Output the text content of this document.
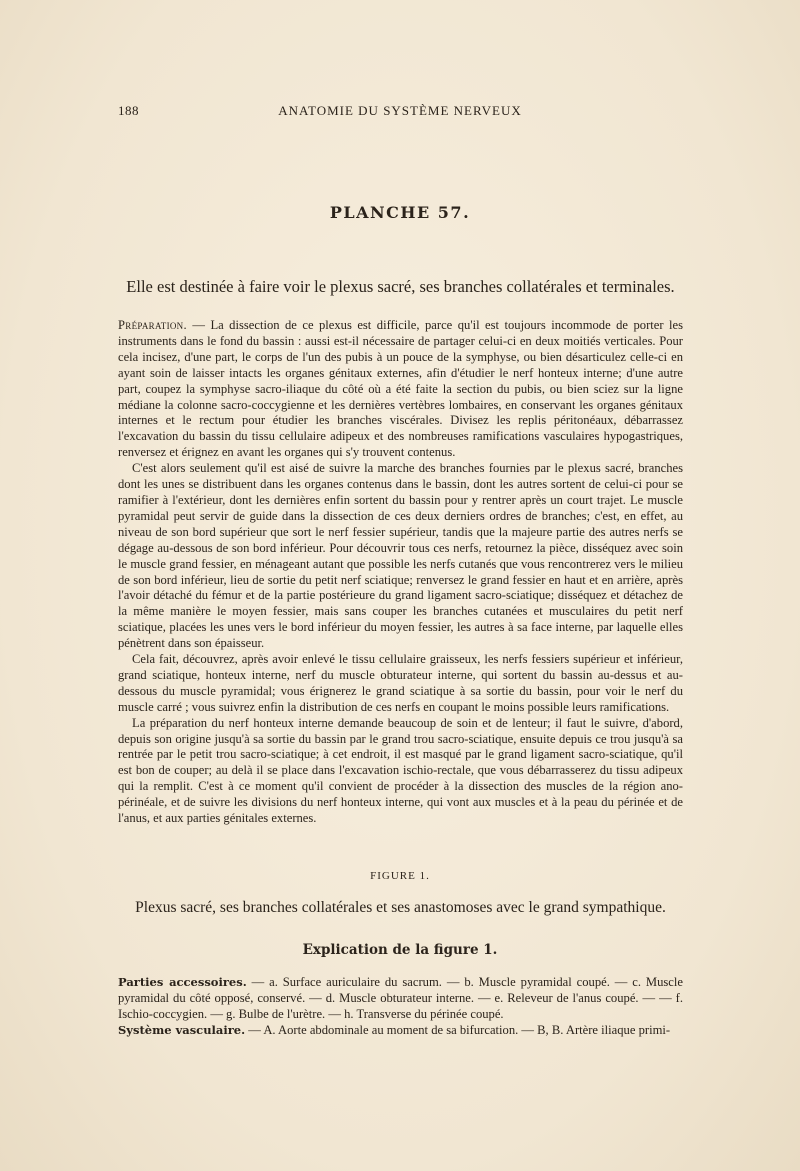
188	ANATOMIE DU SYSTÈME NERVEUX
PLANCHE 57.
Elle est destinée à faire voir le plexus sacré, ses branches collatérales et terminales.

Préparation. — La dissection de ce plexus est difficile, parce qu'il est toujours incommode de porter les instruments dans le fond du bassin : aussi est-il nécessaire de partager celui-ci en deux moitiés verticales. Pour cela incisez, d'une part, le corps de l'un des pubis à un pouce de la symphyse, ou bien désarticulez celle-ci en ayant soin de laisser intacts les organes génitaux externes, afin d'étudier le nerf honteux interne; d'une autre part, coupez la symphyse sacro-iliaque du côté où a été faite la section du pubis, ou bien sciez sur la ligne médiane la colonne sacro-coccygienne et les dernières vertèbres lombaires, en conservant les organes génitaux internes et le rectum pour étudier les branches viscérales. Divisez les replis péritonéaux, débarrassez l'excavation du bassin du tissu cellulaire adipeux et des nombreuses ramifications vasculaires hypogastriques, renversez et érignez en avant les organes qui s'y trouvent contenus.

C'est alors seulement qu'il est aisé de suivre la marche des branches fournies par le plexus sacré, branches dont les unes se distribuent dans les organes contenus dans le bassin, dont les autres sortent de celui-ci pour se ramifier à l'extérieur, dont les dernières enfin sortent du bassin pour y rentrer après un court trajet. Le muscle pyramidal peut servir de guide dans la dissection de ces deux derniers ordres de branches; c'est, en effet, au niveau de son bord supérieur que sort le nerf fessier supérieur, tandis que la majeure partie des autres nerfs se dégage au-dessous de son bord inférieur. Pour découvrir tous ces nerfs, retournez la pièce, disséquez avec soin le muscle grand fessier, en ménageant autant que possible les nerfs cutanés que vous rencontrerez vers le milieu de son bord inférieur, lieu de sortie du petit nerf sciatique; renversez le grand fessier en haut et en arrière, après l'avoir détaché du fémur et de la partie postérieure du grand ligament sacro-sciatique; disséquez et détachez de la même manière le moyen fessier, mais sans couper les branches cutanées et musculaires du petit nerf sciatique, placées les unes vers le bord inférieur du moyen fessier, les autres à sa face interne, par laquelle elles pénètrent dans son épaisseur.

Cela fait, découvrez, après avoir enlevé le tissu cellulaire graisseux, les nerfs fessiers supérieur et inférieur, grand sciatique, honteux interne, nerf du muscle obturateur interne, qui sortent du bassin au-dessus et au-dessous du muscle pyramidal; vous érignerez le grand sciatique à sa sortie du bassin, pour voir le nerf du muscle carré ; vous suivrez enfin la distribution de ces nerfs en coupant le moins possible leurs ramifications.

La préparation du nerf honteux interne demande beaucoup de soin et de lenteur; il faut le suivre, d'abord, depuis son origine jusqu'à sa sortie du bassin par le grand trou sacro-sciatique, ensuite depuis ce trou jusqu'à sa rentrée par le petit trou sacro-sciatique; à cet endroit, il est masqué par le grand ligament sacro-sciatique, qu'il est bon de couper; au delà il se place dans l'excavation ischio-rectale, que vous débarrasserez du tissu adipeux qui la remplit. C'est à ce moment qu'il convient de procéder à la dissection des muscles de la région ano-périnéale, et de suivre les divisions du nerf honteux interne, qui vont aux muscles et à la peau du périnée et de l'anus, et aux parties génitales externes.

FIGURE 1.
Plexus sacré, ses branches collatérales et ses anastomoses avec le grand sympathique.
Explication de la figure 1.

Parties accessoires. — a. Surface auriculaire du sacrum. — b. Muscle pyramidal coupé. — c. Muscle pyramidal du côté opposé, conservé. — d. Muscle obturateur interne. — e. Releveur de l'anus coupé. — — f. Ischio-coccygien. — g. Bulbe de l'urètre. — h. Transverse du périnée coupé.

Système vasculaire. — A. Aorte abdominale au moment de sa bifurcation. — B, B. Artère iliaque primi-
